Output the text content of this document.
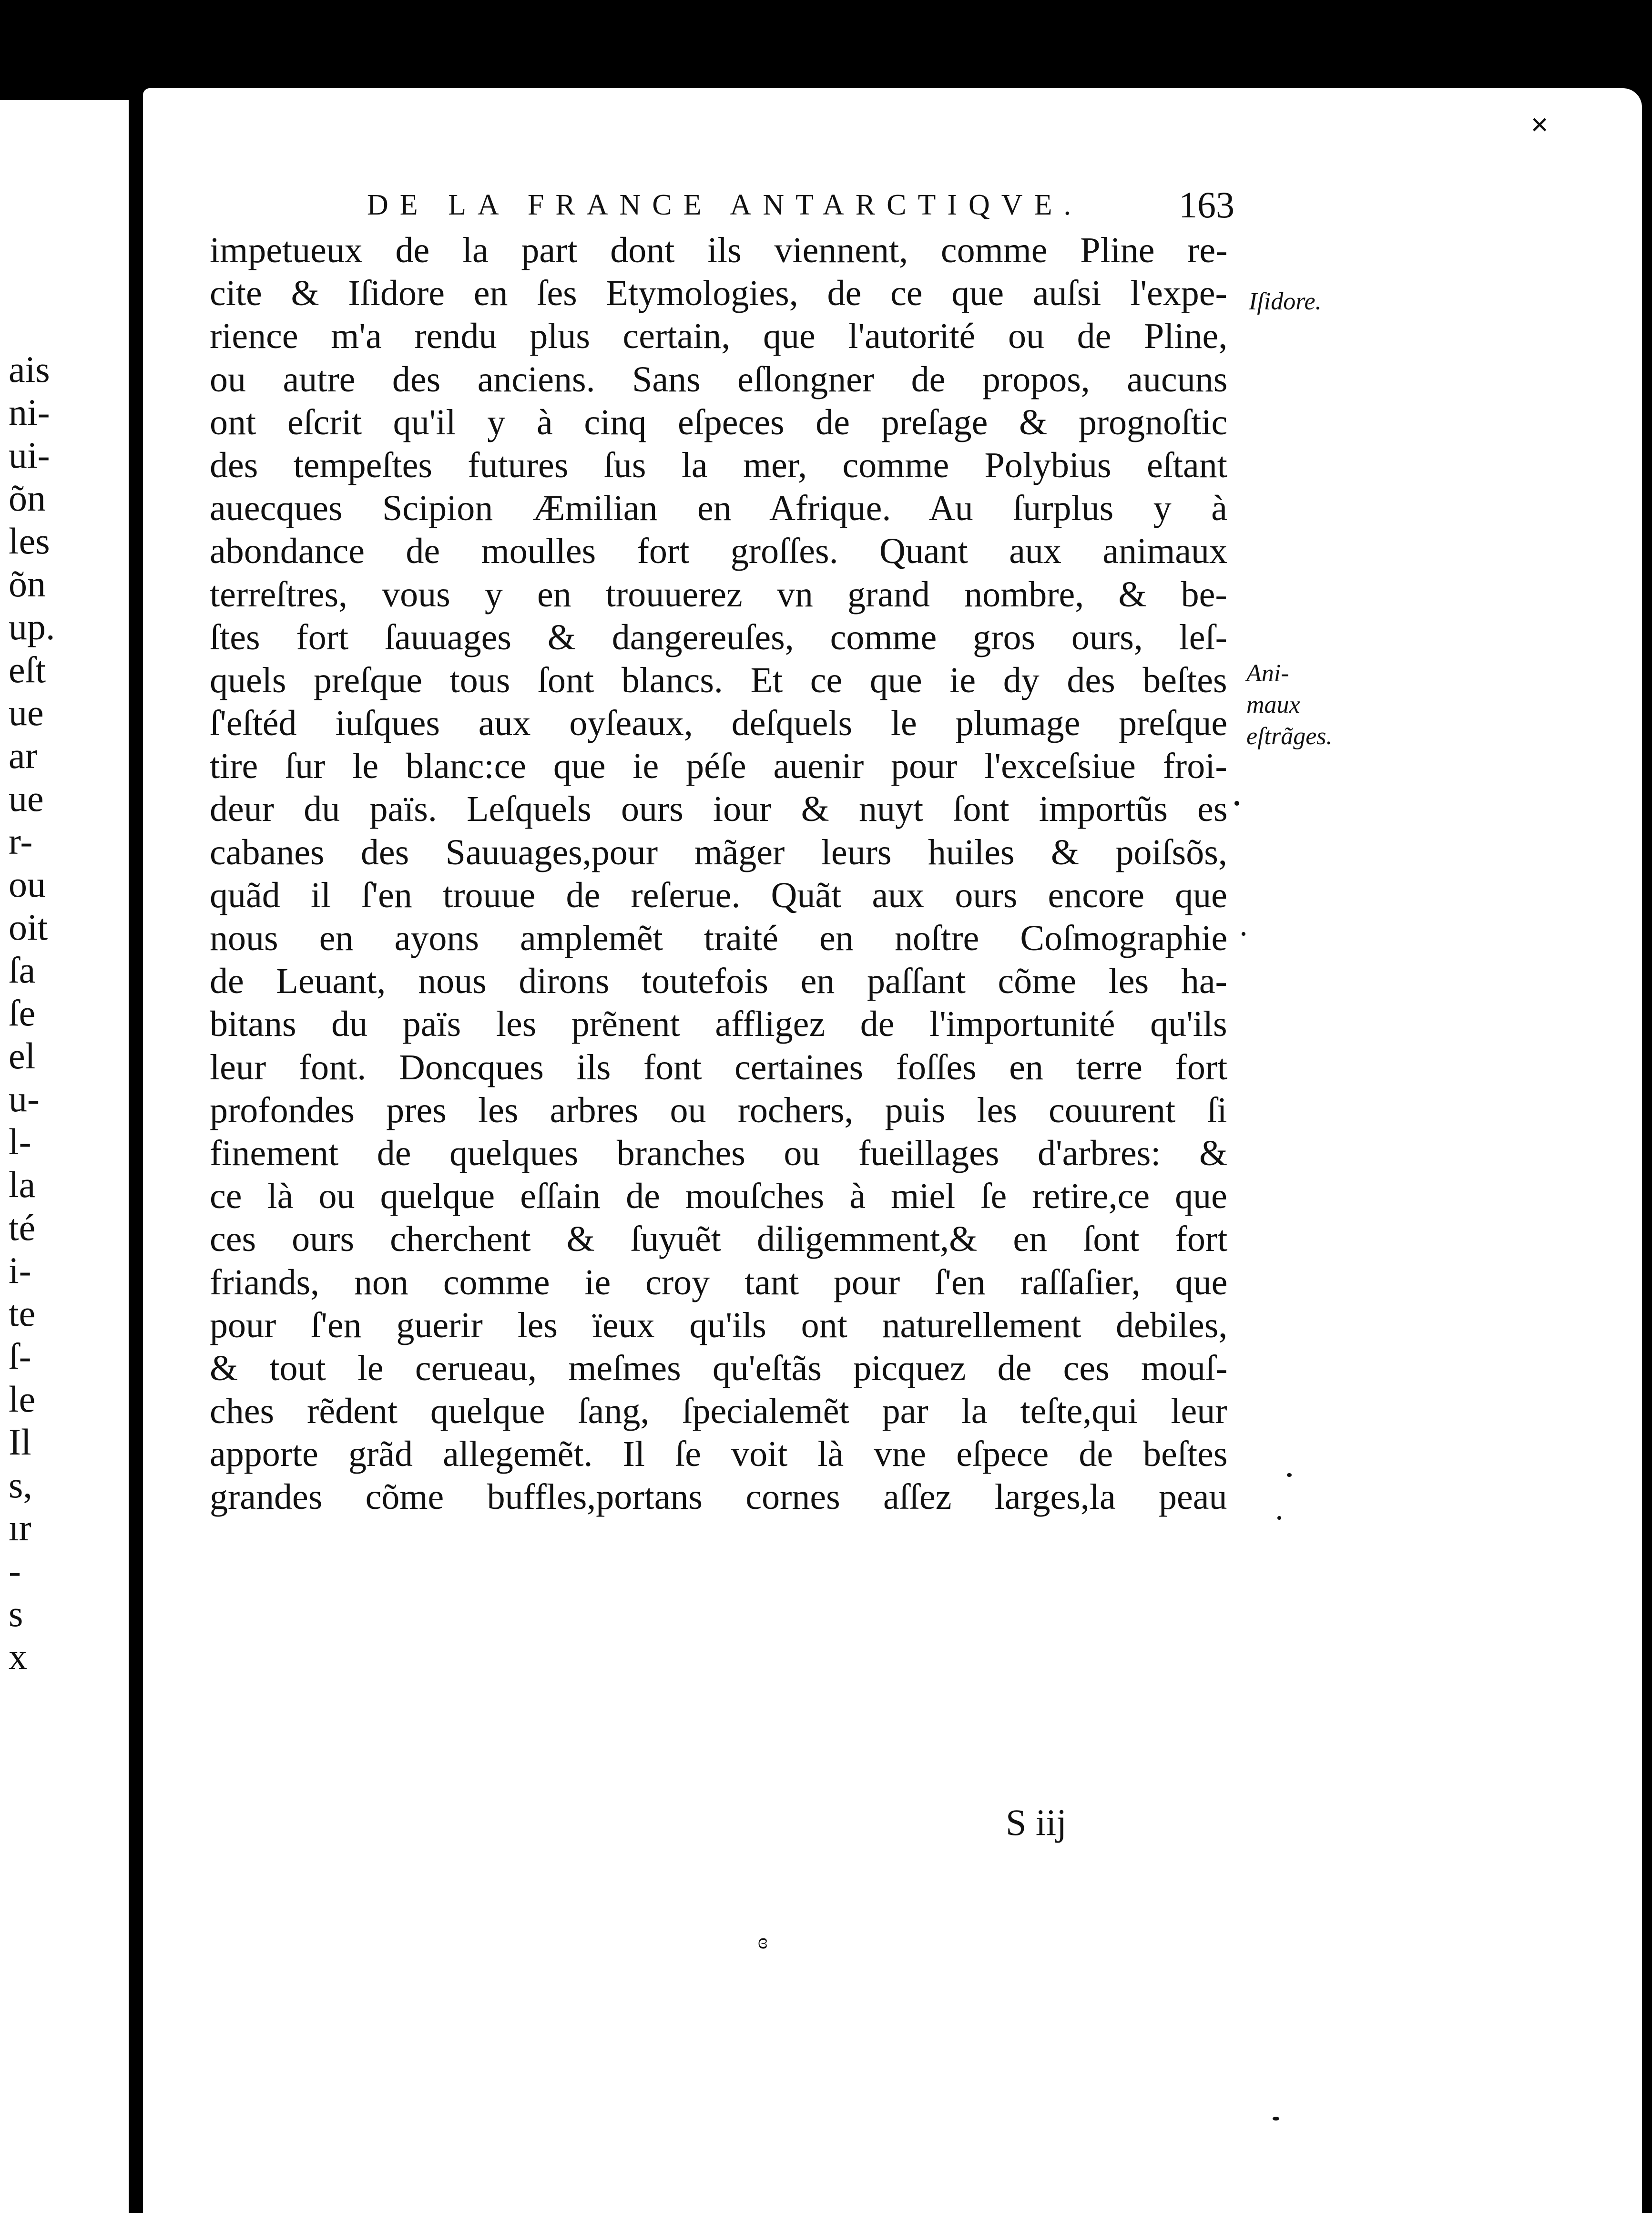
ais
ni-
ui-
õn
les
õn
up.
eſt
ue
ar
ue
r-
ou
oit
ſa
ſe
el
u-
l-
la
té
i-
te
ſ-
le
Il
s,
ır
-
s
x
DE LA FRANCE ANTARCTIQVE.	163
impetueux de la part dont ils viennent, comme Pline re-
cite & Iſidore en ſes Etymologies, de ce que auſsi l'expe-
rience m'a rendu plus certain, que l'autorité ou de Pline,
ou autre des anciens. Sans eſlongner de propos, aucuns
ont eſcrit qu'il y à cinq eſpeces de preſage & prognoſtic
des tempeſtes futures ſus la mer, comme Polybius eſtant
auecques Scipion Æmilian en Afrique. Au ſurplus y à
abondance de moulles fort groſſes. Quant aux animaux
terreſtres, vous y en trouuerez vn grand nombre, & be-
ſtes fort ſauuages & dangereuſes, comme gros ours, leſ-
quels preſque tous ſont blancs. Et ce que ie dy des beſtes
ſ'eſtéd iuſques aux oyſeaux, deſquels le plumage preſque
tire ſur le blanc:ce que ie péſe auenir pour l'exceſsiue froi-
deur du païs. Leſquels ours iour & nuyt ſont importũs es
cabanes des Sauuages,pour mãger leurs huiles & poiſsõs,
quãd il ſ'en trouue de reſerue. Quãt aux ours encore que
nous en ayons amplemẽt traité en noſtre Coſmographie
de Leuant, nous dirons toutefois en paſſant cõme les ha-
bitans du païs les prẽnent affligez de l'importunité qu'ils
leur font. Doncques ils font certaines foſſes en terre fort
profondes pres les arbres ou rochers, puis les couurent ſi
finement de quelques branches ou fueillages d'arbres: &
ce là ou quelque eſſain de mouſches à miel ſe retire,ce que
ces ours cherchent & ſuyuẽt diligemment,& en ſont fort
friands, non comme ie croy tant pour ſ'en raſſaſier, que
pour ſ'en guerir les ïeux qu'ils ont naturellement debiles,
& tout le cerueau, meſmes qu'eſtãs picquez de ces mouſ-
ches rẽdent quelque ſang, ſpecialemẽt par la teſte,qui leur
apporte grãd allegemẽt. Il ſe voit là vne eſpece de beſtes
grandes cõme buffles,portans cornes aſſez larges,la peau
S iij
Iſidore.
Ani-
maux
eſtrãges.
✕
ɞ
